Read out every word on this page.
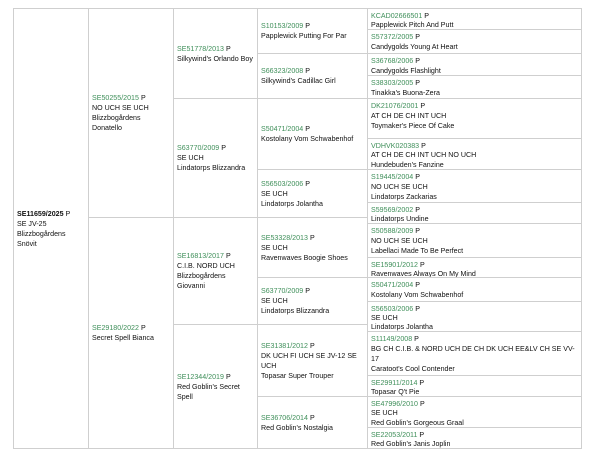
SE11659/2025 P
SE JV-25
Blizzbogårdens Snövit
SE50255/2015 P
NO UCH SE UCH
Blizzbogårdens Donatello
SE29180/2022 P
Secret Spell Bianca
SE51778/2013 P
Silkywind's Orlando Boy
S63770/2009 P
SE UCH
Lindatorps Blizzandra
SE16813/2017 P
C.I.B. NORD UCH
Blizzbogårdens Giovanni
SE12344/2019 P
Red Goblin's Secret Spell
S10153/2009 P
Papplewick Putting For Par
S66323/2008 P
Silkywind's Cadillac Girl
S50471/2004 P
Kostolany Vom Schwabenhof
S56503/2006 P
SE UCH
Lindatorps Jolantha
SE53328/2013 P
SE UCH
Ravenwaves Boogie Shoes
S63770/2009 P
SE UCH
Lindatorps Blizzandra
SE31381/2012 P
DK UCH FI UCH SE JV-12 SE UCH
Topasar Super Trouper
SE36706/2014 P
Red Goblin's Nostalgia
KCAD02666501 P
Papplewick Pitch And Putt
S57372/2005 P
Candygolds Young At Heart
S36768/2006 P
Candygolds Flashlight
S38303/2005 P
Tinakka's Buona-Zera
DK21076/2001 P
AT CH DE CH INT UCH
Toymaker's Piece Of Cake
VDHVK020383 P
AT CH DE CH INT UCH NO UCH
Hundebuden's Fanzine
S19445/2004 P
NO UCH SE UCH
Lindatorps Zackarias
S59569/2002 P
Lindatorps Undine
S50588/2009 P
NO UCH SE UCH
Labellaci Made To Be Perfect
SE15901/2012 P
Ravenwaves Always On My Mind
S50471/2004 P
Kostolany Vom Schwabenhof
S56503/2006 P
SE UCH
Lindatorps Jolantha
S11149/2008 P
BG CH C.I.B. & NORD UCH DE CH DK UCH EE&LV CH SE VV-17
Caratoot's Cool Contender
SE29911/2014 P
Topasar Q't Pie
SE47996/2010 P
SE UCH
Red Goblin's Gorgeous Graal
SE22053/2011 P
Red Goblin's Janis Joplin
